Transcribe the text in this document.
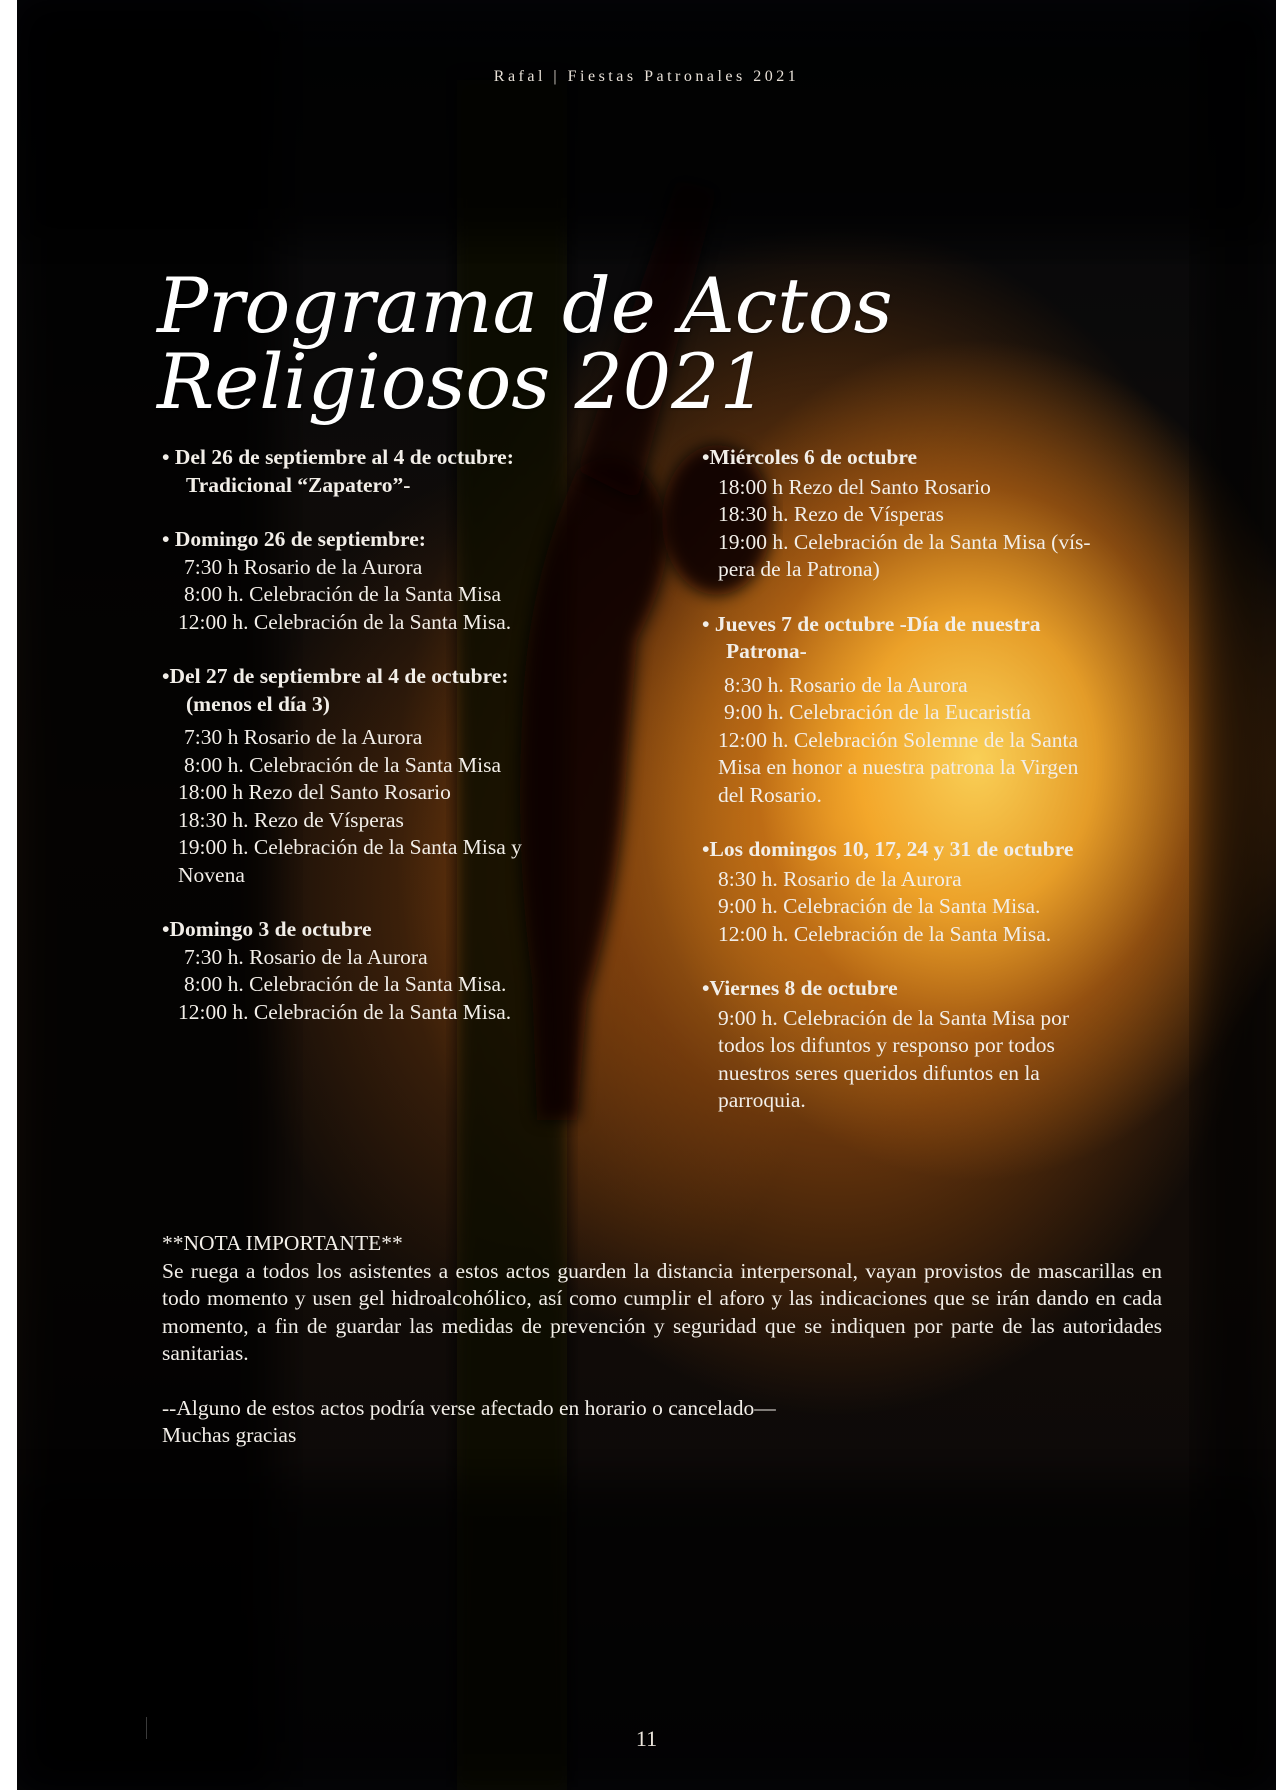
Rafal | Fiestas Patronales 2021
Programa de Actos Religiosos 2021
• Del 26 de septiembre al 4 de octubre:
Tradicional “Zapatero”-
• Domingo 26 de septiembre:
7:30 h Rosario de la Aurora
8:00 h. Celebración de la Santa Misa
12:00 h. Celebración de la Santa Misa.
•Del 27 de septiembre al 4 de octubre:
(menos el día 3)
7:30 h Rosario de la Aurora
8:00 h. Celebración de la Santa Misa
18:00 h Rezo del Santo Rosario
18:30 h. Rezo de Vísperas
19:00 h. Celebración de la Santa Misa y
Novena
•Domingo 3 de octubre
7:30 h. Rosario de la Aurora
8:00 h. Celebración de la Santa Misa.
12:00 h. Celebración de la Santa Misa.
•Miércoles 6 de octubre
18:00 h Rezo del Santo Rosario
18:30 h. Rezo de Vísperas
19:00 h. Celebración de la Santa Misa (vís-
pera de la Patrona)
• Jueves 7 de octubre -Día de nuestra
Patrona-
8:30 h. Rosario de la Aurora
9:00 h. Celebración de la Eucaristía
12:00 h. Celebración Solemne de la Santa
Misa en honor a nuestra patrona la Virgen
del Rosario.
•Los domingos 10, 17, 24 y 31 de octubre
8:30 h. Rosario de la Aurora
9:00 h. Celebración de la Santa Misa.
12:00 h. Celebración de la Santa Misa.
•Viernes 8 de octubre
9:00 h. Celebración de la Santa Misa por
todos los difuntos y responso por todos
nuestros seres queridos difuntos en la
parroquia.
**NOTA IMPORTANTE**
Se ruega a todos los asistentes a estos actos guarden la distancia interpersonal, vayan provistos de mascarillas en todo momento y usen gel hidroalcohólico, así como cumplir el aforo y las indicaciones que se irán dando en cada momento, a fin de guardar las medidas de prevención y seguridad que se indiquen por parte de las autoridades sanitarias.
--Alguno de estos actos podría verse afectado en horario o cancelado—
Muchas gracias
11
